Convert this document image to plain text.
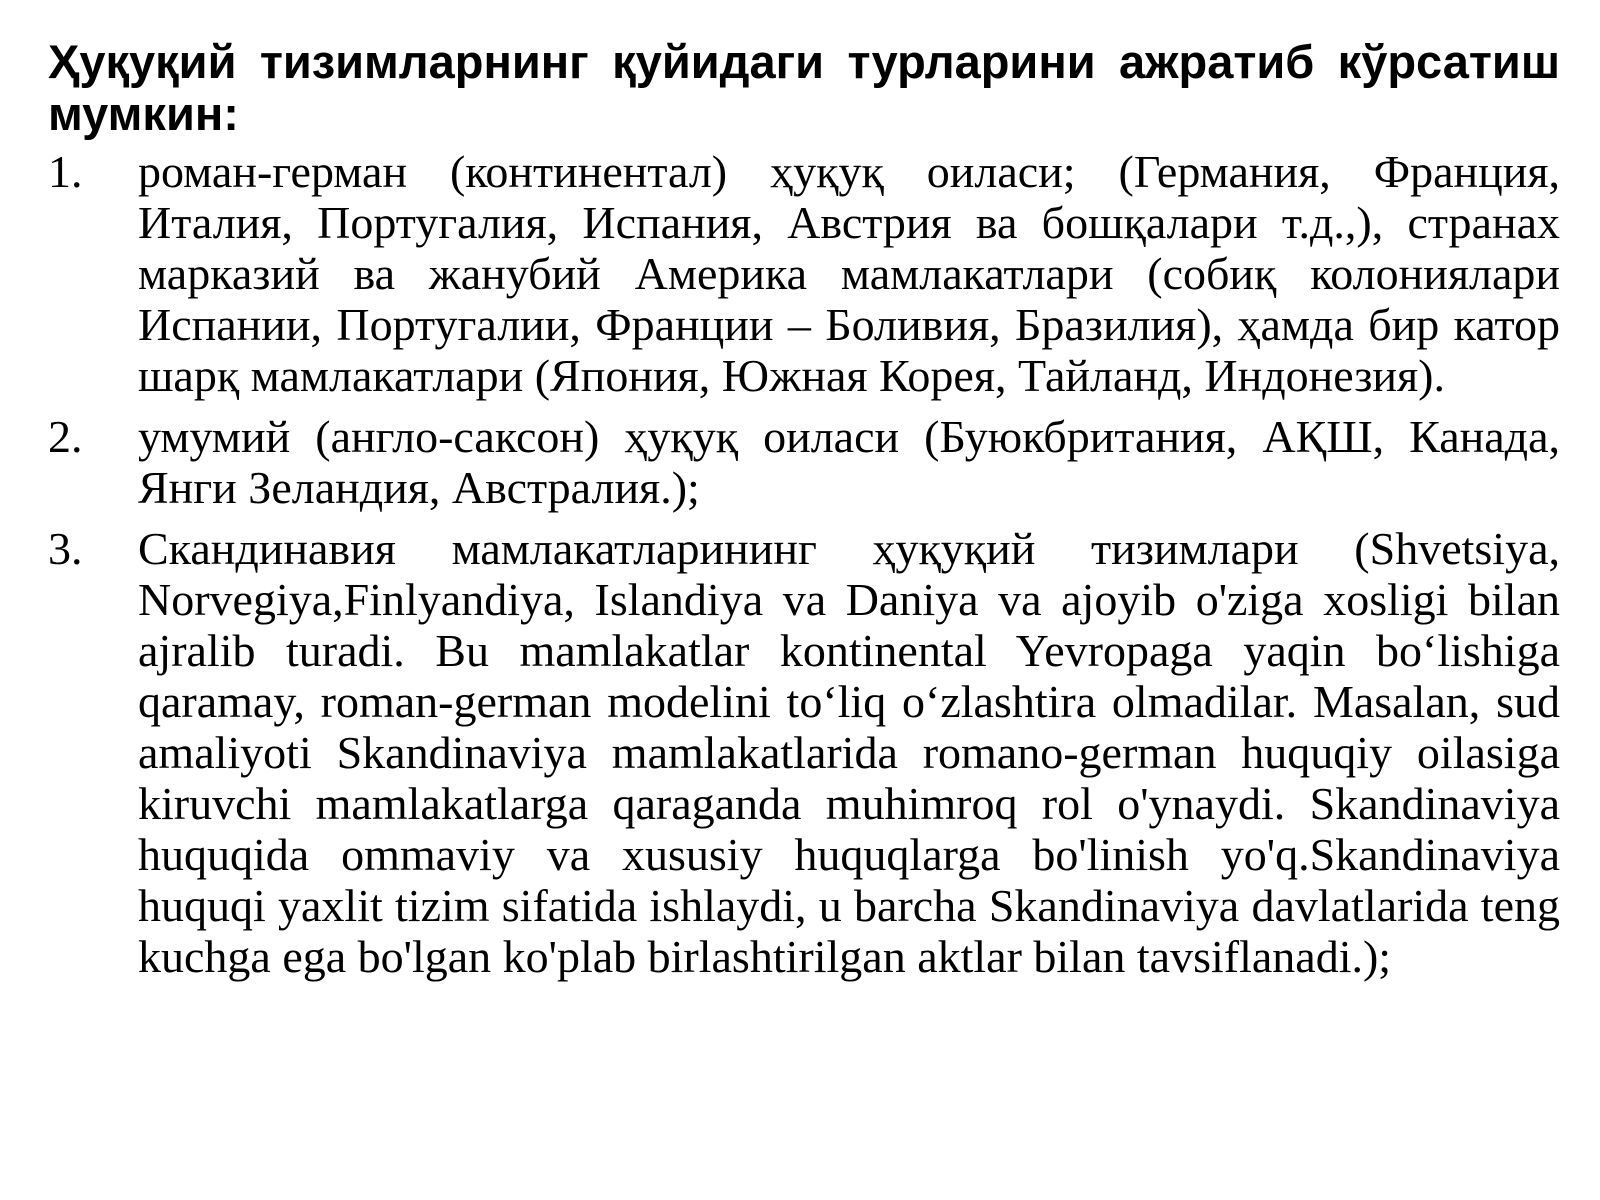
Ҳуқуқий тизимларнинг қуйидаги турларини ажратиб кўрсатиш мумкин:
1.	роман-герман (континентал) ҳуқуқ оиласи; (Германия, Франция, Италия, Португалия, Испания, Австрия ва бошқалари т.д.,), странах марказий ва жанубий Америка мамлакатлари (собиқ колониялари Испании, Португалии, Франции – Боливия, Бразилия), ҳамда бир катор шарқ мамлакатлари (Япония, Южная Корея, Тайланд, Индонезия).
2.	умумий (англо-саксон) ҳуқуқ оиласи (Буюкбритания, АҚШ, Канада, Янги Зеландия, Австралия.);
3.	Скандинавия мамлакатларининг ҳуқуқий тизимлари (Shvetsiya, Norvegiya,Finlyandiya, Islandiya va Daniya va ajoyib o'ziga xosligi bilan ajralib turadi. Bu mamlakatlar kontinental Yevropaga yaqin bo‘lishiga qaramay, roman-german modelini to‘liq o‘zlashtira olmadilar. Masalan, sud amaliyoti Skandinaviya mamlakatlarida romano-german huquqiy oilasiga kiruvchi mamlakatlarga qaraganda muhimroq rol o'ynaydi. Skandinaviya huquqida ommaviy va xususiy huquqlarga bo'linish yo'q.Skandinaviya huquqi yaxlit tizim sifatida ishlaydi, u barcha Skandinaviya davlatlarida teng kuchga ega bo'lgan ko'plab birlashtirilgan aktlar bilan tavsiflanadi.);
